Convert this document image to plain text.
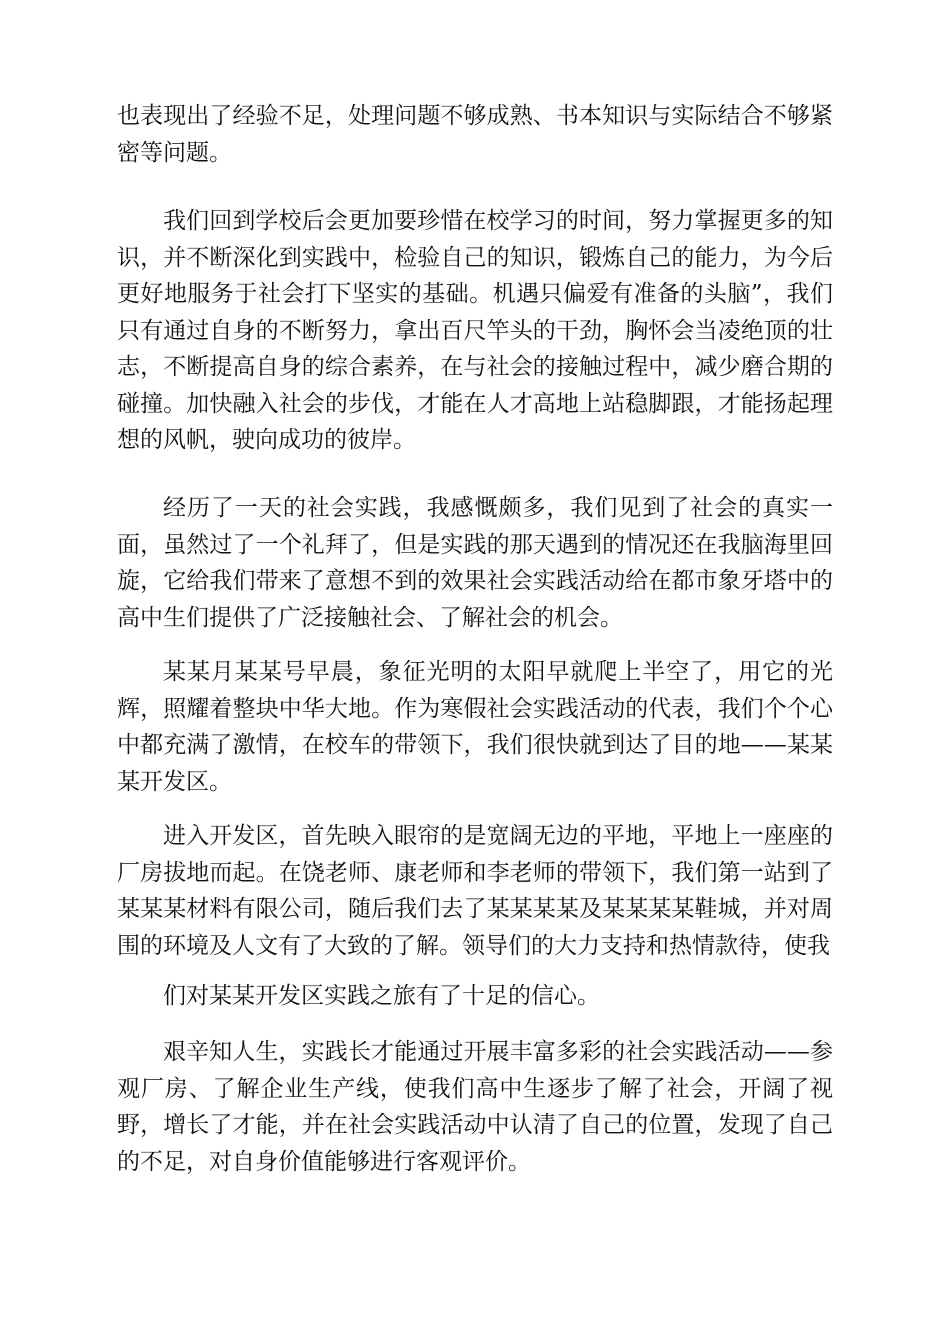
也表现出了经验不足，处理问题不够成熟、书本知识与实际结合不够紧密等问题。

我们回到学校后会更加要珍惜在校学习的时间，努力掌握更多的知识，并不断深化到实践中，检验自己的知识，锻炼自己的能力，为今后更好地服务于社会打下坚实的基础。机遇只偏爱有准备的头脑”，我们只有通过自身的不断努力，拿出百尺竿头的干劲，胸怀会当凌绝顶的壮志，不断提高自身的综合素养，在与社会的接触过程中，减少磨合期的碰撞。加快融入社会的步伐，才能在人才高地上站稳脚跟，才能扬起理想的风帆，驶向成功的彼岸。

经历了一天的社会实践，我感慨颇多，我们见到了社会的真实一面，虽然过了一个礼拜了，但是实践的那天遇到的情况还在我脑海里回旋，它给我们带来了意想不到的效果社会实践活动给在都市象牙塔中的高中生们提供了广泛接触社会、了解社会的机会。

某某月某某号早晨，象征光明的太阳早就爬上半空了，用它的光辉，照耀着整块中华大地。作为寒假社会实践活动的代表，我们个个心中都充满了激情，在校车的带领下，我们很快就到达了目的地——某某某开发区。

进入开发区，首先映入眼帘的是宽阔无边的平地，平地上一座座的厂房拔地而起。在饶老师、康老师和李老师的带领下，我们第一站到了某某某材料有限公司，随后我们去了某某某某及某某某某鞋城，并对周围的环境及人文有了大致的了解。领导们的大力支持和热情款待，使我

们对某某开发区实践之旅有了十足的信心。

艰辛知人生，实践长才能通过开展丰富多彩的社会实践活动——参观厂房、了解企业生产线，使我们高中生逐步了解了社会，开阔了视野，增长了才能，并在社会实践活动中认清了自己的位置，发现了自己的不足，对自身价值能够进行客观评价。
